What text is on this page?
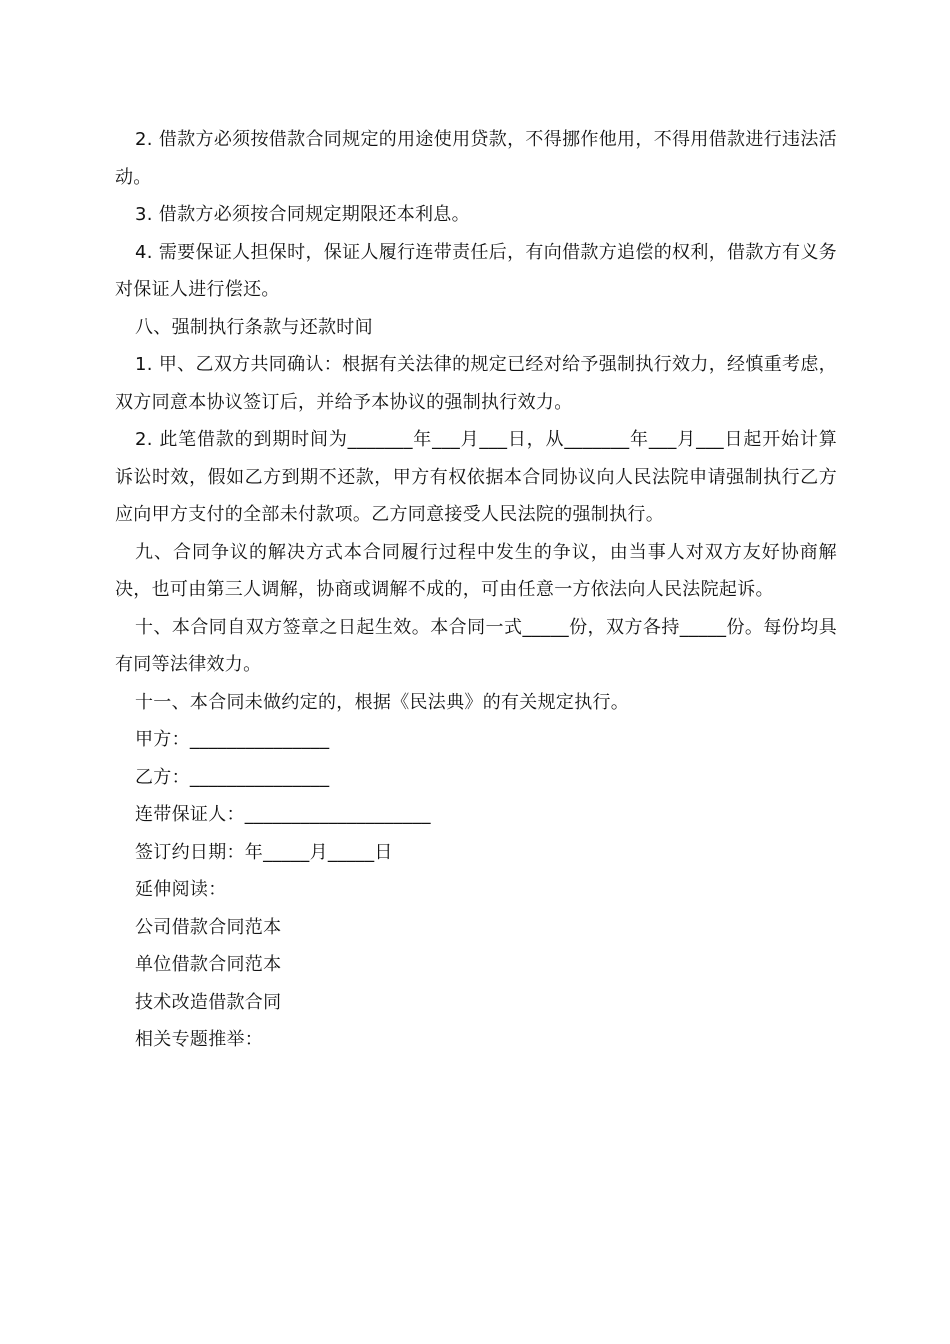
2. 借款方必须按借款合同规定的用途使用贷款，不得挪作他用，不得用借款进行违法活动。

3. 借款方必须按合同规定期限还本利息。

4. 需要保证人担保时，保证人履行连带责任后，有向借款方追偿的权利，借款方有义务对保证人进行偿还。

八、强制执行条款与还款时间

1. 甲、乙双方共同确认：根据有关法律的规定已经对给予强制执行效力，经慎重考虑，双方同意本协议签订后，并给予本协议的强制执行效力。

2. 此笔借款的到期时间为_______年___月___日，从_______年___月___日起开始计算诉讼时效，假如乙方到期不还款，甲方有权依据本合同协议向人民法院申请强制执行乙方应向甲方支付的全部未付款项。乙方同意接受人民法院的强制执行。

九、合同争议的解决方式本合同履行过程中发生的争议，由当事人对双方友好协商解决，也可由第三人调解，协商或调解不成的，可由任意一方依法向人民法院起诉。

十、本合同自双方签章之日起生效。本合同一式_____份，双方各持_____份。每份均具有同等法律效力。

十一、本合同未做约定的，根据《民法典》的有关规定执行。

甲方：_______________

乙方：_______________

连带保证人：____________________

签订约日期：年_____月_____日

延伸阅读：

公司借款合同范本

单位借款合同范本

技术改造借款合同

相关专题推举：
